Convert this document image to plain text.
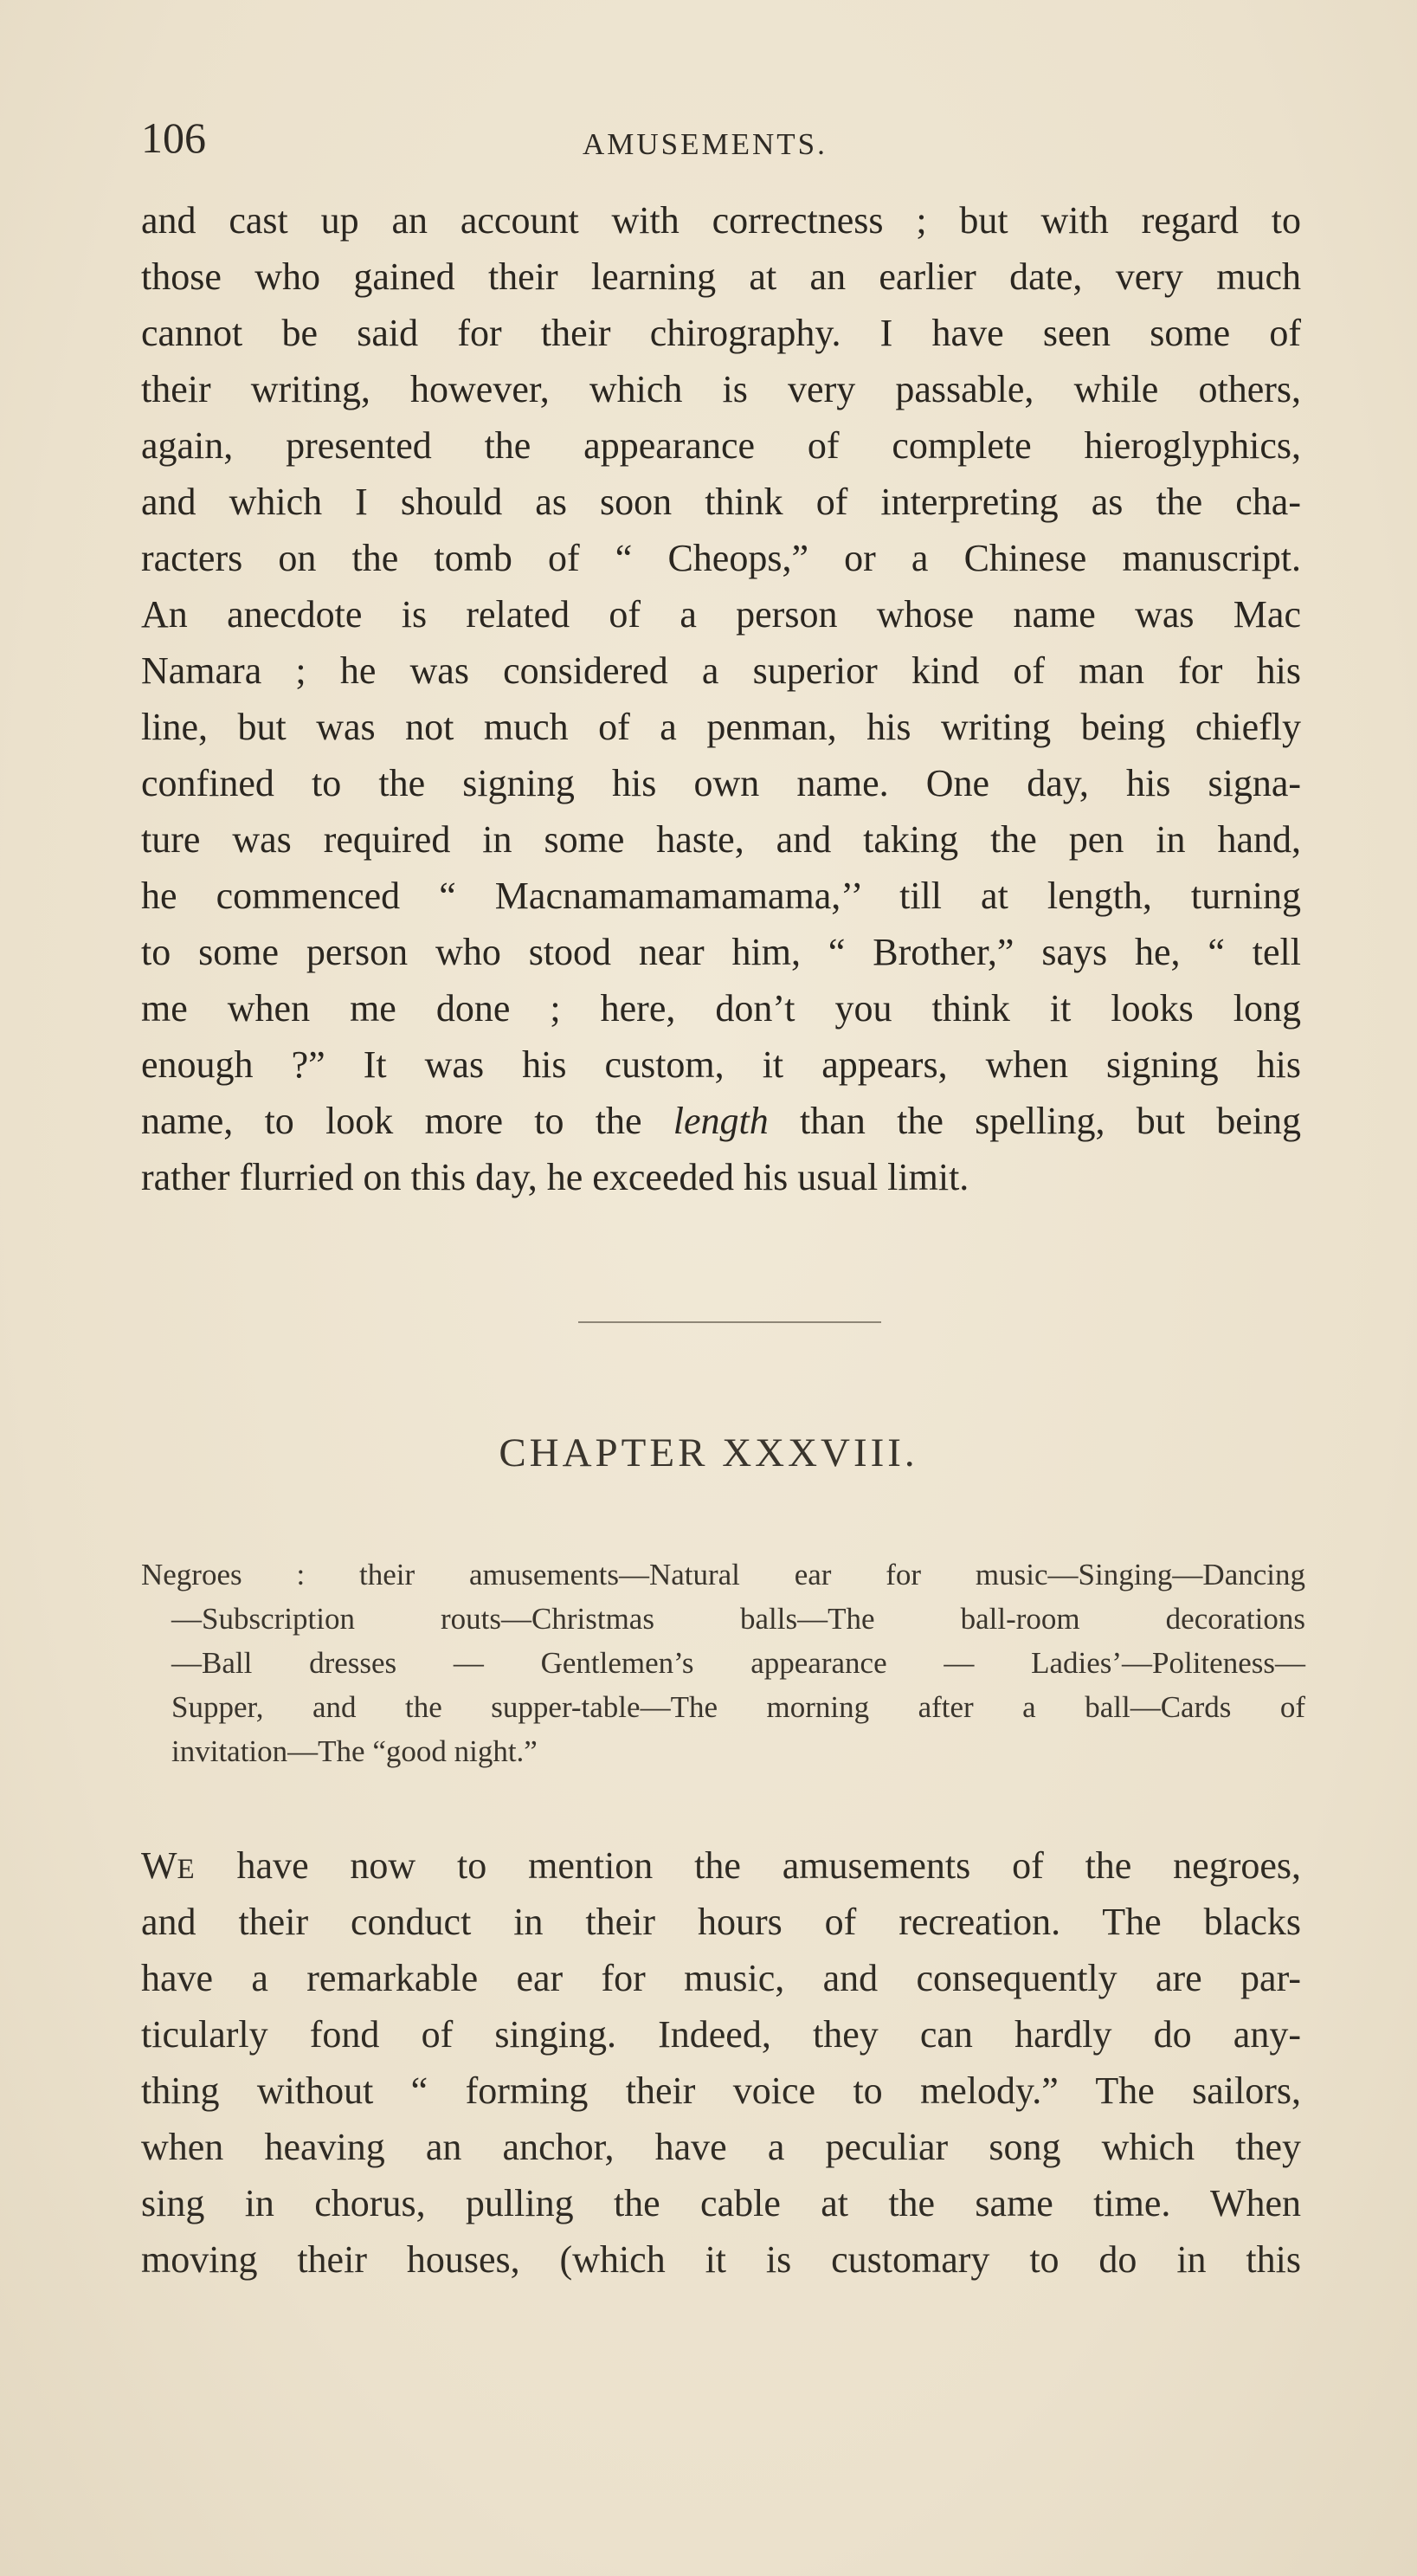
106	AMUSEMENTS.
and cast up an account with correctness ; but with regard to
those who gained their learning at an earlier date, very much
cannot be said for their chirography. I have seen some of
their writing, however, which is very passable, while others,
again, presented the appearance of complete hieroglyphics,
and which I should as soon think of interpreting as the cha-
racters on the tomb of “ Cheops,” or a Chinese manuscript.
An anecdote is related of a person whose name was Mac
Namara ; he was considered a superior kind of man for his
line, but was not much of a penman, his writing being chiefly
confined to the signing his own name. One day, his signa-
ture was required in some haste, and taking the pen in hand,
he commenced “ Macnamamamamama,’’ till at length, turning
to some person who stood near him, “ Brother,” says he, “ tell
me when me done ; here, don’t you think it looks long
enough ?” It was his custom, it appears, when signing his
name, to look more to the length than the spelling, but being
rather flurried on this day, he exceeded his usual limit.
CHAPTER XXXVIII.
Negroes : their amusements—Natural ear for music—Singing—Dancing
—Subscription routs—Christmas balls—The ball-room decorations
—Ball dresses — Gentlemen’s appearance — Ladies’—Politeness—
Supper, and the supper-table—The morning after a ball—Cards of
invitation—The “good night.”
WE have now to mention the amusements of the negroes,
and their conduct in their hours of recreation. The blacks
have a remarkable ear for music, and consequently are par-
ticularly fond of singing. Indeed, they can hardly do any-
thing without “ forming their voice to melody.” The sailors,
when heaving an anchor, have a peculiar song which they
sing in chorus, pulling the cable at the same time. When
moving their houses, (which it is customary to do in this
